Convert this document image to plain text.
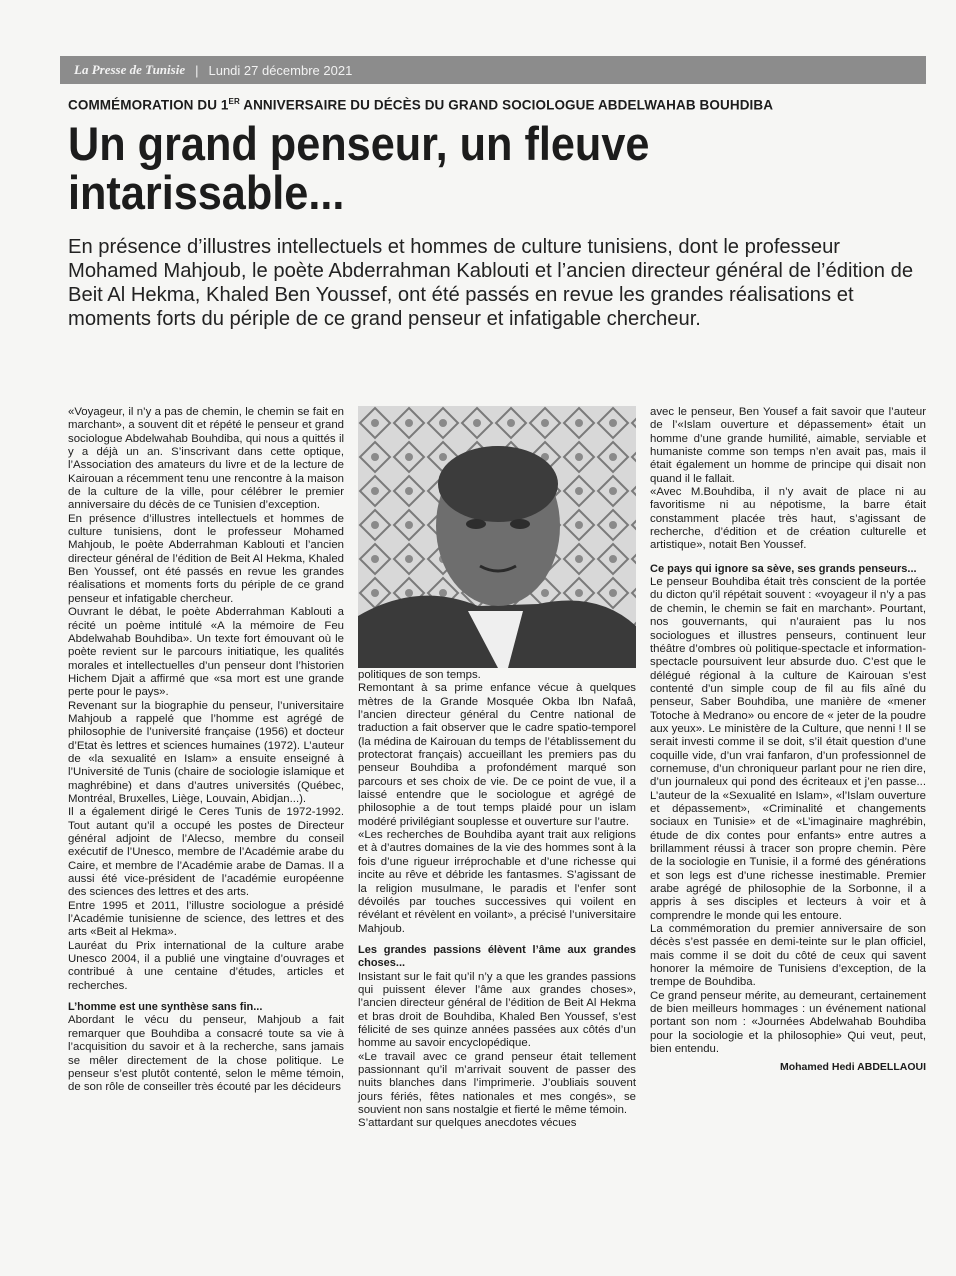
La Presse de Tunisie | Lundi 27 décembre 2021
COMMÉMORATION DU 1ER ANNIVERSAIRE DU DÉCÈS DU GRAND SOCIOLOGUE ABDELWAHAB BOUHDIBA
Un grand penseur, un fleuve
intarissable...
En présence d’illustres intellectuels et hommes de culture tunisiens, dont le professeur Mohamed Mahjoub, le poète Abderrahman Kablouti et l’ancien directeur général de l’édition de Beit Al Hekma, Khaled Ben Youssef, ont été passés en revue les grandes réalisations et moments forts du périple de ce grand penseur et infatigable chercheur.

«Voyageur, il n’y a pas de chemin, le chemin se fait en marchant», a souvent dit et répété le penseur et grand sociologue Abdelwahab Bouhdiba, qui nous a quittés il y a déjà un an. S’inscrivant dans cette optique, l’Association des amateurs du livre et de la lecture de Kairouan a récemment tenu une rencontre à la maison de la culture de la ville, pour célébrer le premier anniversaire du décès de ce Tunisien d’exception.

En présence d’illustres intellectuels et hommes de culture tunisiens, dont le professeur Mohamed Mahjoub, le poète Abderrahman Kablouti et l’ancien directeur général de l’édition de Beit Al Hekma, Khaled Ben Youssef, ont été passés en revue les grandes réalisations et moments forts du périple de ce grand penseur et infatigable chercheur.

Ouvrant le débat, le poète Abderrahman Kablouti a récité un poème intitulé «A la mémoire de Feu Abdelwahab Bouhdiba». Un texte fort émouvant où le poète revient sur le parcours initiatique, les qualités morales et intellectuelles d’un penseur dont l’historien Hichem Djait a affirmé que «sa mort est une grande perte pour le pays».

Revenant sur la biographie du penseur, l’universitaire Mahjoub a rappelé que l’homme est agrégé de philosophie de l’université française (1956) et docteur d’Etat ès lettres et sciences humaines (1972). L’auteur de «la sexualité en Islam» a ensuite enseigné à l’Université de Tunis (chaire de sociologie islamique et maghrébine) et dans d’autres universités (Québec, Montréal, Bruxelles, Liège, Louvain, Abidjan...).

Il a également dirigé le Ceres Tunis de 1972-1992. Tout autant qu’il a occupé les postes de Directeur général adjoint de l’Alecso, membre du conseil exécutif de l’Unesco, membre de l’Académie arabe du Caire, et membre de l’Académie arabe de Damas. Il a aussi été vice-président de l’académie européenne des sciences des lettres et des arts.

Entre 1995 et 2011, l’illustre sociologue a présidé l’Académie tunisienne de science, des lettres et des arts «Beit al Hekma».

Lauréat du Prix international de la culture arabe Unesco 2004, il a publié une vingtaine d’ouvrages et contribué à une centaine d’études, articles et recherches.

L’homme est une synthèse sans fin...

Abordant le vécu du penseur, Mahjoub a fait remarquer que Bouhdiba a consacré toute sa vie à l’acquisition du savoir et à la recherche, sans jamais se mêler directement de la chose politique. Le penseur s’est plutôt contenté, selon le même témoin, de son rôle de conseiller très écouté par les décideurs

politiques de son temps.

Remontant à sa prime enfance vécue à quelques mètres de la Grande Mosquée Okba Ibn Nafaâ, l’ancien directeur général du Centre national de traduction a fait observer que le cadre spatio-temporel (la médina de Kairouan du temps de l’établissement du protectorat français) accueillant les premiers pas du penseur Bouhdiba a profondément marqué son parcours et ses choix de vie. De ce point de vue, il a laissé entendre que le sociologue et agrégé de philosophie a de tout temps plaidé pour un islam modéré privilégiant souplesse et ouverture sur l’autre.

«Les recherches de Bouhdiba ayant trait aux religions et à d’autres domaines de la vie des hommes sont à la fois d’une rigueur irréprochable et d’une richesse qui incite au rêve et débride les fantasmes. S’agissant de la religion musulmane, le paradis et l’enfer sont dévoilés par touches successives qui voilent en révélant et révèlent en voilant», a précisé l’universitaire Mahjoub.

Les grandes passions élèvent l’âme aux grandes choses...

Insistant sur le fait qu’il n’y a que les grandes passions qui puissent élever l’âme aux grandes choses», l’ancien directeur général de l’édition de Beit Al Hekma et bras droit de Bouhdiba, Khaled Ben Youssef, s’est félicité de ses quinze années passées aux côtés d’un homme au savoir encyclopédique.

«Le travail avec ce grand penseur était tellement passionnant qu’il m’arrivait souvent de passer des nuits blanches dans l’imprimerie. J’oubliais souvent jours fériés, fêtes nationales et mes congés», se souvient non sans nostalgie et fierté le même témoin.

S’attardant sur quelques anecdotes vécues

avec le penseur, Ben Yousef a fait savoir que l’auteur de l’«Islam ouverture et dépassement» était un homme d’une grande humilité, aimable, serviable et humaniste comme son temps n’en avait pas, mais il était également un homme de principe qui disait non quand il le fallait.

«Avec M.Bouhdiba, il n’y avait de place ni au favoritisme ni au népotisme, la barre était constamment placée très haut, s’agissant de recherche, d’édition et de création culturelle et artistique», notait Ben Youssef.

Ce pays qui ignore sa sève, ses grands penseurs...

Le penseur Bouhdiba était très conscient de la portée du dicton qu’il répétait souvent : «voyageur il n’y a pas de chemin, le chemin se fait en marchant». Pourtant, nos gouvernants, qui n’auraient pas lu nos sociologues et illustres penseurs, continuent leur théâtre d’ombres où politique-spectacle et information-spectacle poursuivent leur absurde duo. C’est que le délégué régional à la culture de Kairouan s’est contenté d’un simple coup de fil au fils aîné du penseur, Saber Bouhdiba, une manière de «mener Totoche à Medrano» ou encore de « jeter de la poudre aux yeux». Le ministère de la Culture, que nenni ! Il se serait investi comme il se doit, s’il était question d’une coquille vide, d’un vrai fanfaron, d’un professionnel de cornemuse, d’un chroniqueur parlant pour ne rien dire, d’un journaleux qui pond des écriteaux et j’en passe... L’auteur de la «Sexualité en Islam», «l’Islam ouverture et dépassement», «Criminalité et changements sociaux en Tunisie» et de «L’imaginaire maghrébin, étude de dix contes pour enfants» entre autres a brillamment réussi à tracer son propre chemin. Père de la sociologie en Tunisie, il a formé des générations et son legs est d’une richesse inestimable. Premier arabe agrégé de philosophie de la Sorbonne, il a appris à ses disciples et lecteurs à voir et à comprendre le monde qui les entoure.

La commémoration du premier anniversaire de son décès s’est passée en demi-teinte sur le plan officiel, mais comme il se doit du côté de ceux qui savent honorer la mémoire de Tunisiens d’exception, de la trempe de Bouhdiba.

Ce grand penseur mérite, au demeurant, certainement de bien meilleurs hommages : un événement national portant son nom : «Journées Abdelwahab Bouhdiba pour la sociologie et la philosophie» Qui veut, peut, bien entendu.

Mohamed Hedi ABDELLAOUI
